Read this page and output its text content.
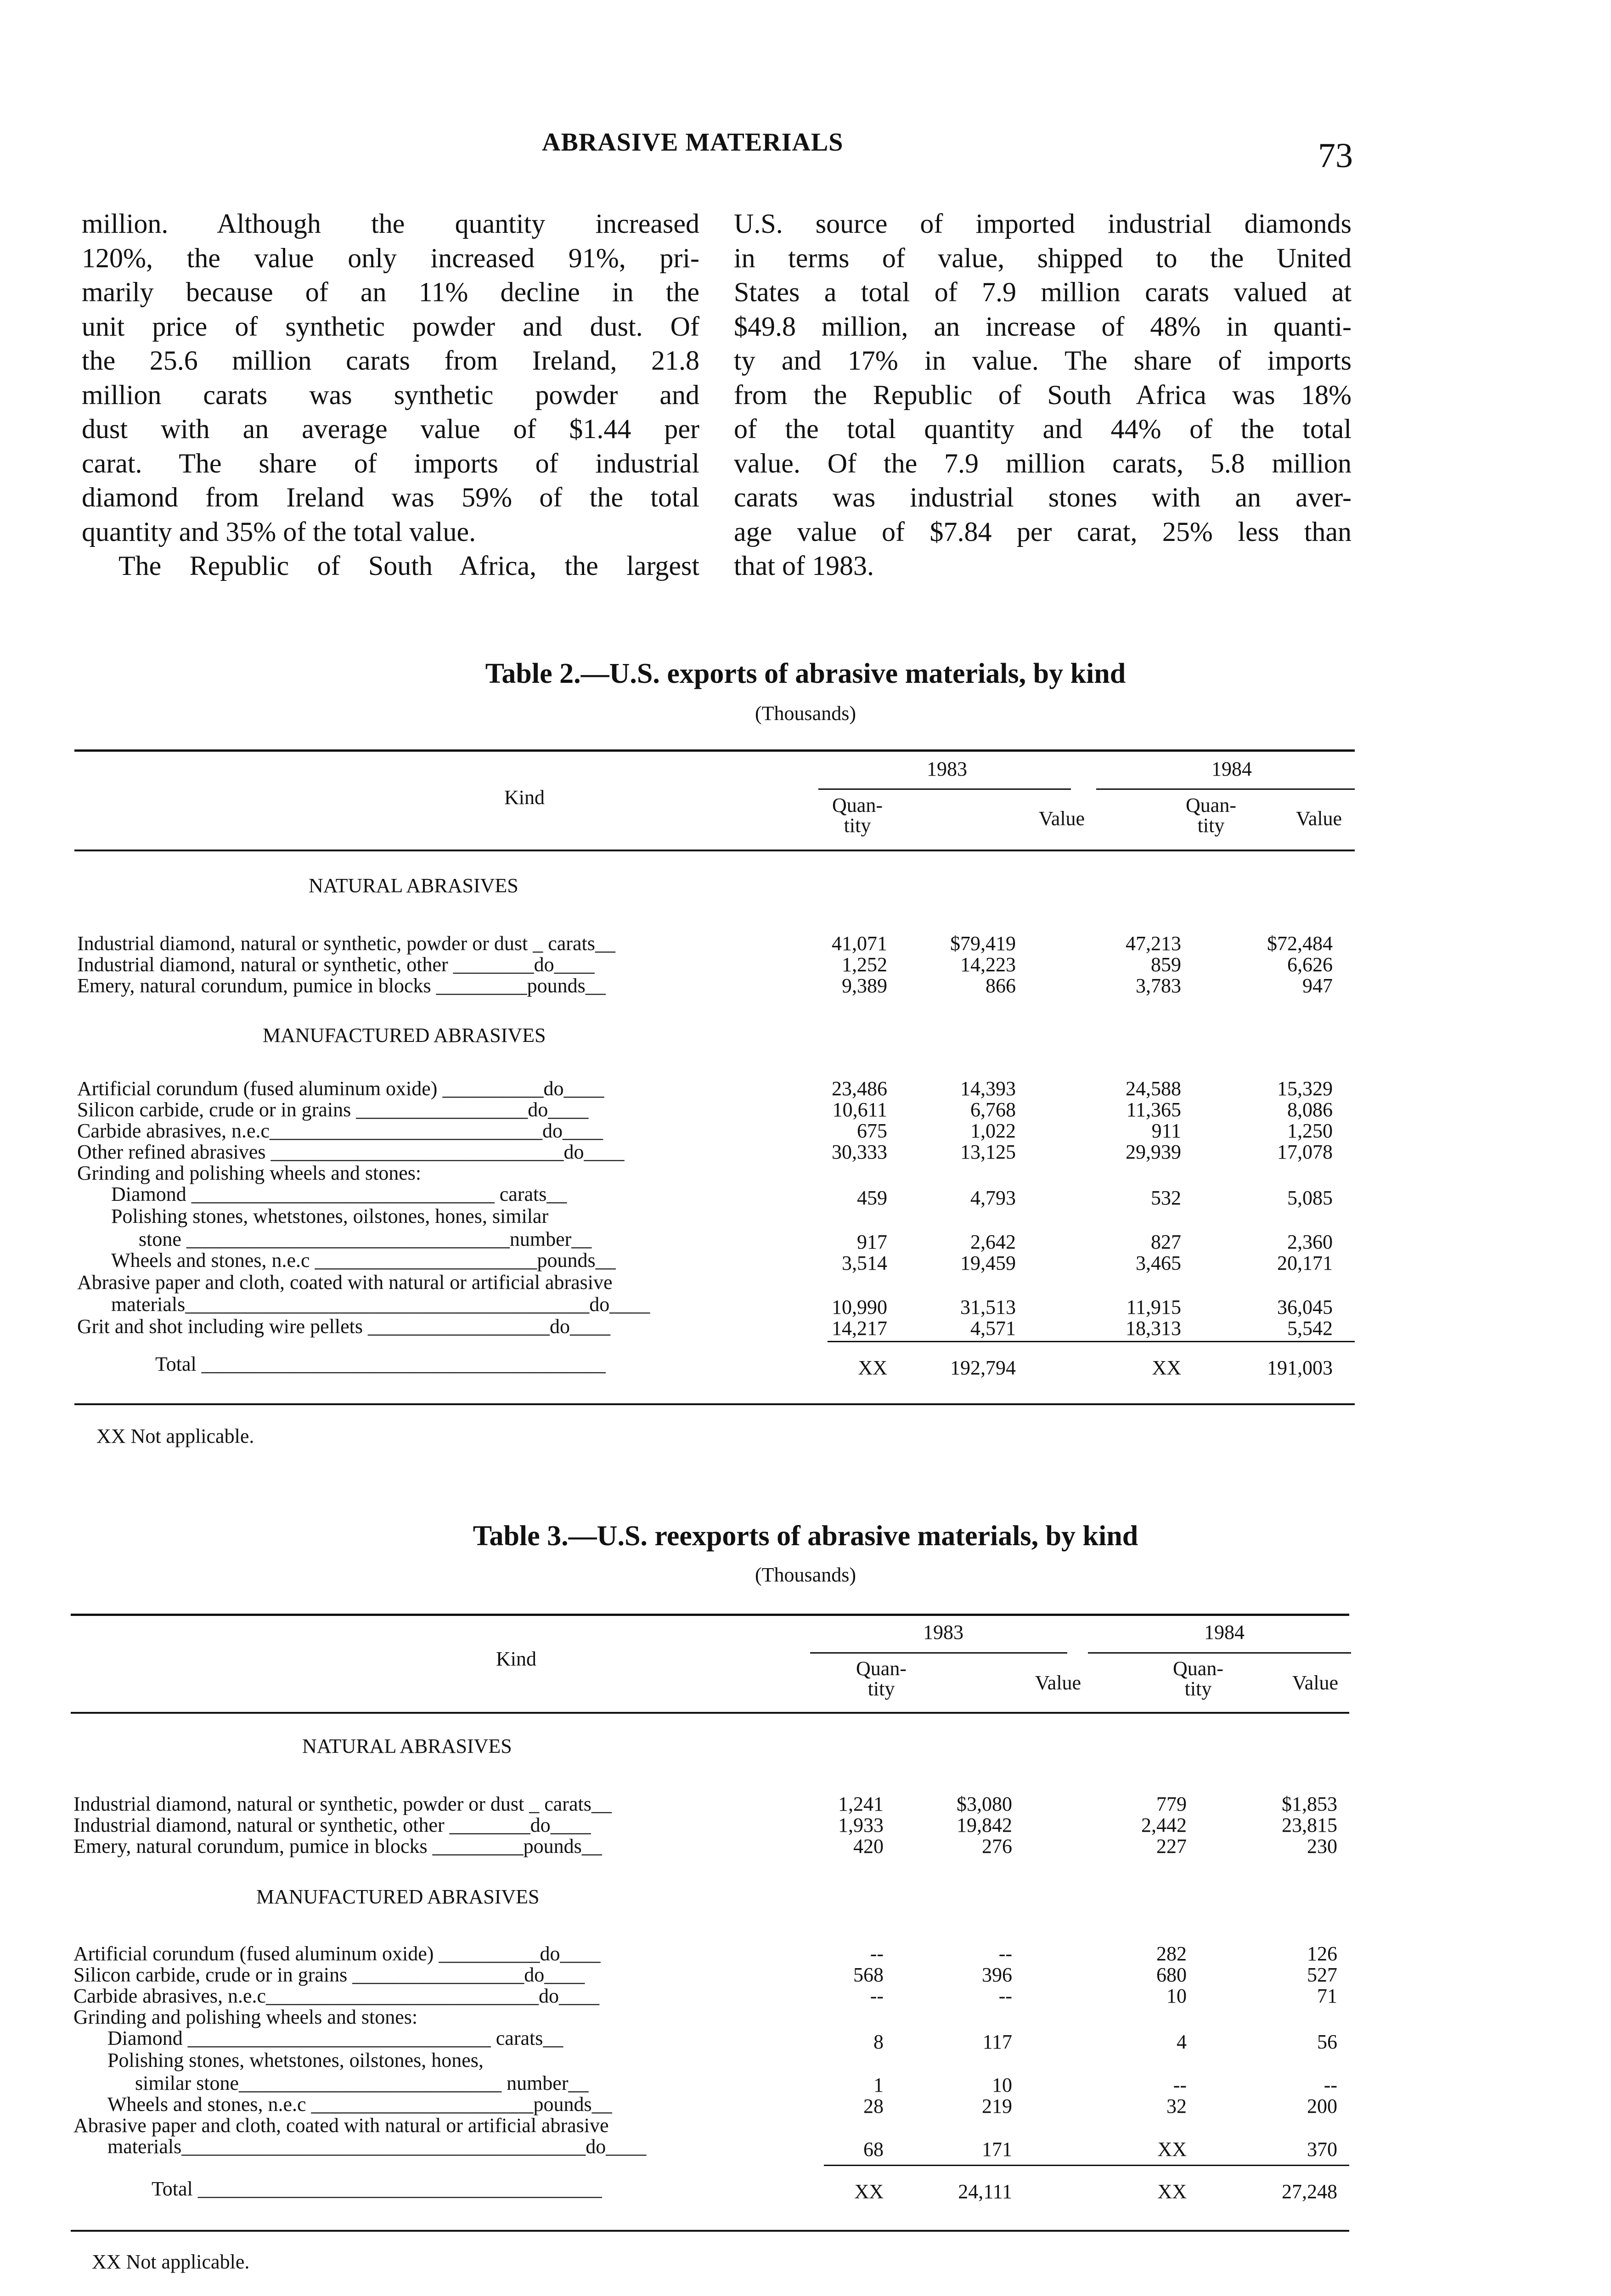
ABRASIVE MATERIALS	73

million. Although the quantity increased

120%, the value only increased 91%, pri-

marily because of an 11% decline in the

unit price of synthetic powder and dust. Of

the 25.6 million carats from Ireland, 21.8

million carats was synthetic powder and

dust with an average value of $1.44 per

carat. The share of imports of industrial

diamond from Ireland was 59% of the total

quantity and 35% of the total value.

The Republic of South Africa, the largest

U.S. source of imported industrial diamonds

in terms of value, shipped to the United

States a total of 7.9 million carats valued at

$49.8 million, an increase of 48% in quanti-

ty and 17% in value. The share of imports

from the Republic of South Africa was 18%

of the total quantity and 44% of the total

value. Of the 7.9 million carats, 5.8 million

carats was industrial stones with an aver-

age value of $7.84 per carat, 25% less than

that of 1983.

Table 2.—U.S. exports of abrasive materials, by kind
(Thousands)
Kind
1983	1984
Quan-tity	Value
Quan-tity	Value
NATURAL ABRASIVES
Industrial diamond, natural or synthetic, powder or dust _ carats__	41,071	$79,419	47,213	$72,484
Industrial diamond, natural or synthetic, other ________do____	1,252	14,223	859	6,626
Emery, natural corundum, pumice in blocks _________pounds__	9,389	866	3,783	947
MANUFACTURED ABRASIVES
Artificial corundum (fused aluminum oxide) __________do____	23,486	14,393	24,588	15,329
Silicon carbide, crude or in grains _________________do____	10,611	6,768	11,365	8,086
Carbide abrasives, n.e.c___________________________do____	675	1,022	911	1,250
Other refined abrasives _____________________________do____	30,333	13,125	29,939	17,078
Grinding and polishing wheels and stones:
Diamond ______________________________ carats__	459	4,793	532	5,085
Polishing stones, whetstones, oilstones, hones, similar
stone ________________________________number__	917	2,642	827	2,360
Wheels and stones, n.e.c ______________________pounds__	3,514	19,459	3,465	20,171
Abrasive paper and cloth, coated with natural or artificial abrasive
materials________________________________________do____	10,990	31,513	11,915	36,045
Grit and shot including wire pellets __________________do____	14,217	4,571	18,313	5,542
Total ________________________________________	XX	192,794	XX	191,003
XX Not applicable.
Table 3.—U.S. reexports of abrasive materials, by kind
(Thousands)
Kind
1983	1984
Quan-tity	Value
Quan-tity	Value
NATURAL ABRASIVES
Industrial diamond, natural or synthetic, powder or dust _ carats__	1,241	$3,080	779	$1,853
Industrial diamond, natural or synthetic, other ________do____	1,933	19,842	2,442	23,815
Emery, natural corundum, pumice in blocks _________pounds__	420	276	227	230
MANUFACTURED ABRASIVES
Artificial corundum (fused aluminum oxide) __________do____	--	--	282	126
Silicon carbide, crude or in grains _________________do____	568	396	680	527
Carbide abrasives, n.e.c___________________________do____	--	--	10	71
Grinding and polishing wheels and stones:
Diamond ______________________________ carats__	8	117	4	56
Polishing stones, whetstones, oilstones, hones,
similar stone__________________________ number__	1	10	--	--
Wheels and stones, n.e.c ______________________pounds__	28	219	32	200
Abrasive paper and cloth, coated with natural or artificial abrasive
materials________________________________________do____	68	171	XX	370
Total ________________________________________	XX	24,111	XX	27,248
XX Not applicable.
